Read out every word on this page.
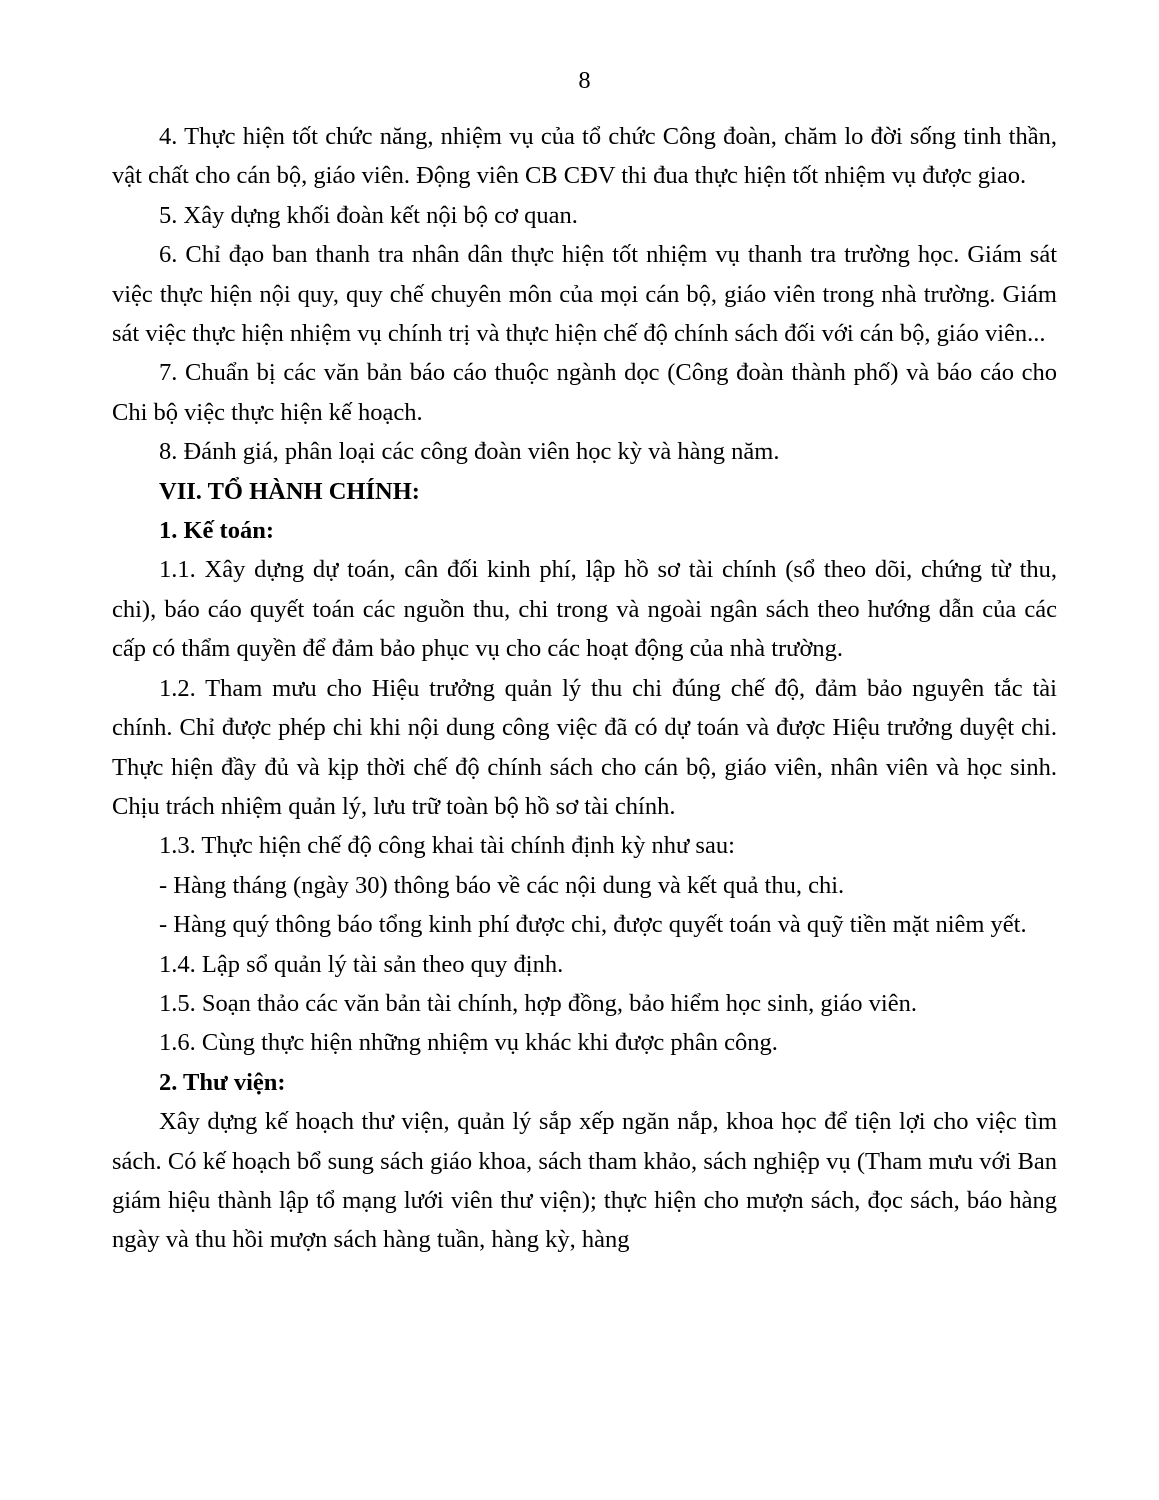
8

4. Thực hiện tốt chức năng, nhiệm vụ của tổ chức Công đoàn, chăm lo đời sống tinh thần, vật chất cho cán bộ, giáo viên. Động viên CB CĐV thi đua thực hiện tốt nhiệm vụ được giao.

5. Xây dựng khối đoàn kết nội bộ cơ quan.

6. Chỉ đạo ban thanh tra nhân dân thực hiện tốt nhiệm vụ thanh tra trường học. Giám sát việc thực hiện nội quy, quy chế chuyên môn của mọi cán bộ, giáo viên trong nhà trường. Giám sát việc thực hiện nhiệm vụ chính trị và thực hiện chế độ chính sách đối với cán bộ, giáo viên...

7. Chuẩn bị các văn bản báo cáo thuộc ngành dọc (Công đoàn thành phố) và báo cáo cho Chi bộ việc thực hiện kế hoạch.

8. Đánh giá, phân loại các công đoàn viên học kỳ và hàng năm.

VII. TỔ HÀNH CHÍNH:

1. Kế toán:

1.1. Xây dựng dự toán, cân đối kinh phí, lập hồ sơ tài chính (sổ theo dõi, chứng từ thu, chi), báo cáo quyết toán các nguồn thu, chi trong và ngoài ngân sách theo hướng dẫn của các cấp có thẩm quyền để đảm bảo phục vụ cho các hoạt động của nhà trường.

1.2. Tham mưu cho Hiệu trưởng quản lý thu chi đúng chế độ, đảm bảo nguyên tắc tài chính. Chỉ được phép chi khi nội dung công việc đã có dự toán và được Hiệu trưởng duyệt chi. Thực hiện đầy đủ và kịp thời chế độ chính sách cho cán bộ, giáo viên, nhân viên và học sinh. Chịu trách nhiệm quản lý, lưu trữ toàn bộ hồ sơ tài chính.

1.3. Thực hiện chế độ công khai tài chính định kỳ như sau:

- Hàng tháng (ngày 30) thông báo về các nội dung và kết quả thu, chi.

- Hàng quý thông báo tổng kinh phí được chi, được quyết toán và quỹ tiền mặt niêm yết.

1.4. Lập sổ quản lý tài sản theo quy định.

1.5. Soạn thảo các văn bản tài chính, hợp đồng, bảo hiểm học sinh, giáo viên.

1.6. Cùng thực hiện những nhiệm vụ khác khi được phân công.

2. Thư viện:

Xây dựng kế hoạch thư viện, quản lý sắp xếp ngăn nắp, khoa học để tiện lợi cho việc tìm sách. Có kế hoạch bổ sung sách giáo khoa, sách tham khảo, sách nghiệp vụ (Tham mưu với Ban giám hiệu thành lập tổ mạng lưới viên thư viện); thực hiện cho mượn sách, đọc sách, báo hàng ngày và thu hồi mượn sách hàng tuần, hàng kỳ, hàng
